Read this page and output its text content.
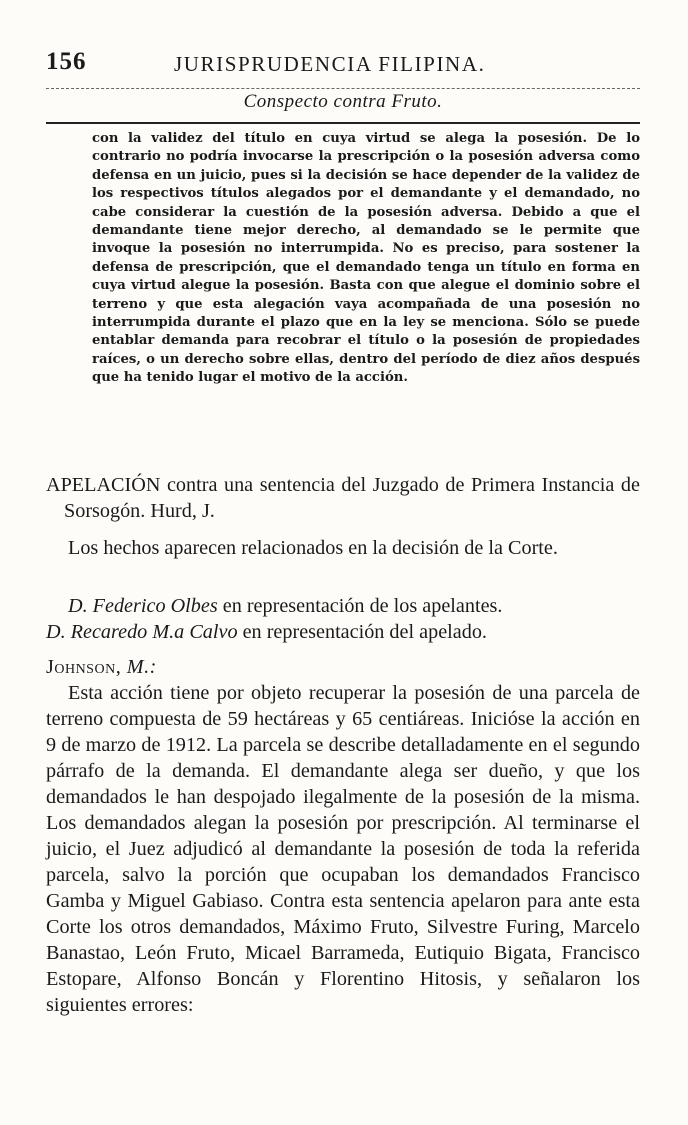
156	JURISPRUDENCIA FILIPINA.
Conspecto contra Fruto.

con la validez del título en cuya virtud se alega la posesión. De lo contrario no podría invocarse la prescripción o la posesión adversa como defensa en un juicio, pues si la decisión se hace depender de la validez de los respectivos títulos alegados por el demandante y el demandado, no cabe considerar la cuestión de la posesión adversa. Debido a que el demandante tiene mejor derecho, al demandado se le permite que invoque la posesión no interrumpida. No es preciso, para sostener la defensa de prescripción, que el demandado tenga un título en forma en cuya virtud alegue la posesión. Basta con que alegue el dominio sobre el terreno y que esta alegación vaya acompañada de una posesión no interrumpida durante el plazo que en la ley se menciona. Sólo se puede entablar demanda para recobrar el título o la posesión de propiedades raíces, o un derecho sobre ellas, dentro del período de diez años después que ha tenido lugar el motivo de la acción.

APELACIÓN contra una sentencia del Juzgado de Primera Instancia de Sorsogón. Hurd, J.

Los hechos aparecen relacionados en la decisión de la Corte.

D. Federico Olbes en representación de los apelantes.
D. Recaredo M.a Calvo en representación del apelado.

Johnson, M.:

Esta acción tiene por objeto recuperar la posesión de una parcela de terreno compuesta de 59 hectáreas y 65 centiáreas. Inicióse la acción en 9 de marzo de 1912. La parcela se describe detalladamente en el segundo párrafo de la demanda. El demandante alega ser dueño, y que los demandados le han despojado ilegalmente de la posesión de la misma. Los demandados alegan la posesión por prescripción. Al terminarse el juicio, el Juez adjudicó al demandante la posesión de toda la referida parcela, salvo la porción que ocupaban los demandados Francisco Gamba y Miguel Gabiaso. Contra esta sentencia apelaron para ante esta Corte los otros demandados, Máximo Fruto, Silvestre Furing, Marcelo Banastao, León Fruto, Micael Barrameda, Eutiquio Bigata, Francisco Estopare, Alfonso Boncán y Florentino Hitosis, y señalaron los siguientes errores:
